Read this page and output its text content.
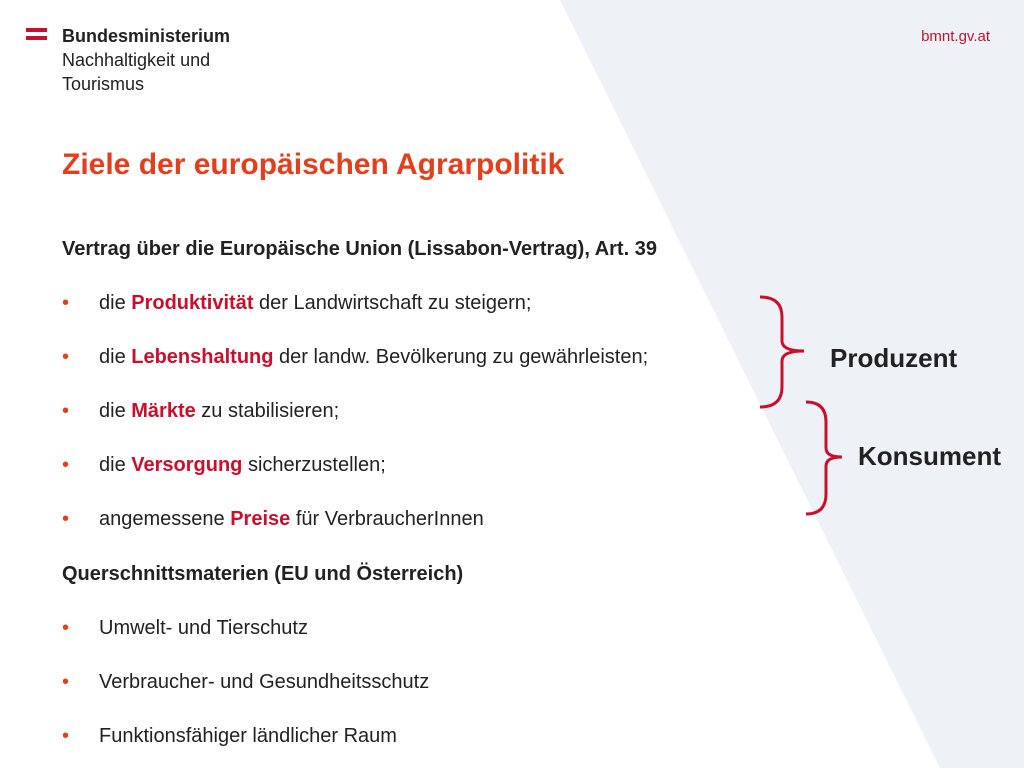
Bundesministerium
Nachhaltigkeit und
Tourismus
bmnt.gv.at
Ziele der europäischen Agrarpolitik
Vertrag über die Europäische Union (Lissabon-Vertrag), Art. 39
• die Produktivität der Landwirtschaft zu steigern;
• die Lebenshaltung der landw. Bevölkerung zu gewährleisten;
• die Märkte zu stabilisieren;
• die Versorgung sicherzustellen;
• angemessene Preise für VerbraucherInnen
Querschnittsmaterien (EU und Österreich)
• Umwelt- und Tierschutz
• Verbraucher- und Gesundheitsschutz
• Funktionsfähiger ländlicher Raum
Produzent
Konsument
